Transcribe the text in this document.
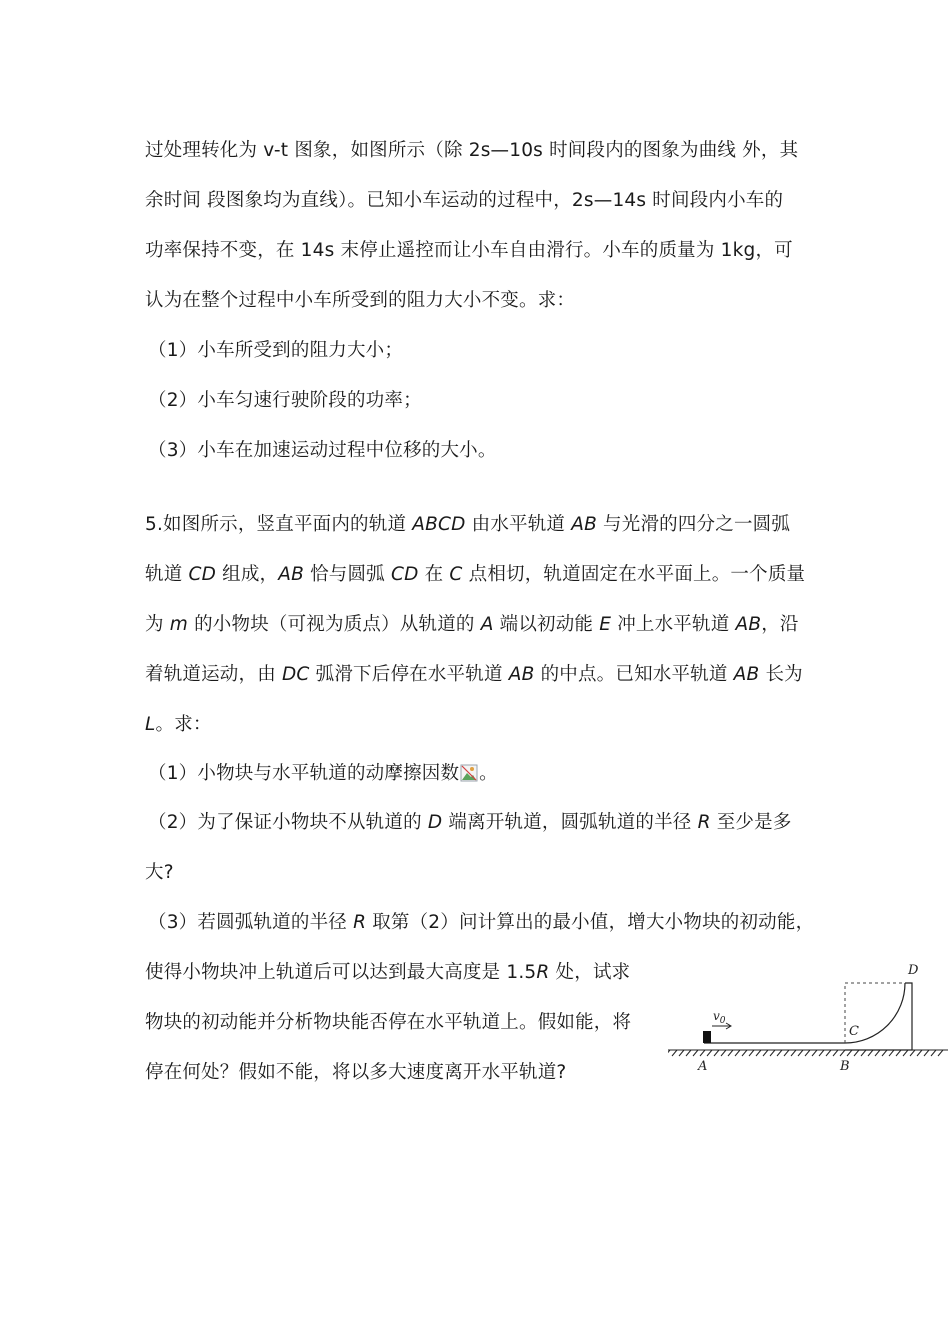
过处理转化为 v-t 图象，如图所示（除 2s—10s 时间段内的图象为曲线 外，其
余时间 段图象均为直线）。已知小车运动的过程中，2s—14s 时间段内小车的
功率保持不变，在 14s 末停止遥控而让小车自由滑行。小车的质量为 1kg，可
认为在整个过程中小车所受到的阻力大小不变。求：
（1）小车所受到的阻力大小；
（2）小车匀速行驶阶段的功率；
（3）小车在加速运动过程中位移的大小。
5.如图所示，竖直平面内的轨道 ABCD 由水平轨道 AB 与光滑的四分之一圆弧
轨道 CD 组成，AB 恰与圆弧 CD 在 C 点相切，轨道固定在水平面上。一个质量
为 m 的小物块（可视为质点）从轨道的 A 端以初动能 E 冲上水平轨道 AB，沿
着轨道运动，由 DC 弧滑下后停在水平轨道 AB 的中点。已知水平轨道 AB 长为
L。求：
（1）小物块与水平轨道的动摩擦因数 。
（2）为了保证小物块不从轨道的 D 端离开轨道，圆弧轨道的半径 R 至少是多
大?
（3）若圆弧轨道的半径 R 取第（2）问计算出的最小值，增大小物块的初动能，
使得小物块冲上轨道后可以达到最大高度是 1.5R 处，试求
物块的初动能并分析物块能否停在水平轨道上。假如能，将
停在何处？假如不能，将以多大速度离开水平轨道?
$v_0$
A	B
C
D
